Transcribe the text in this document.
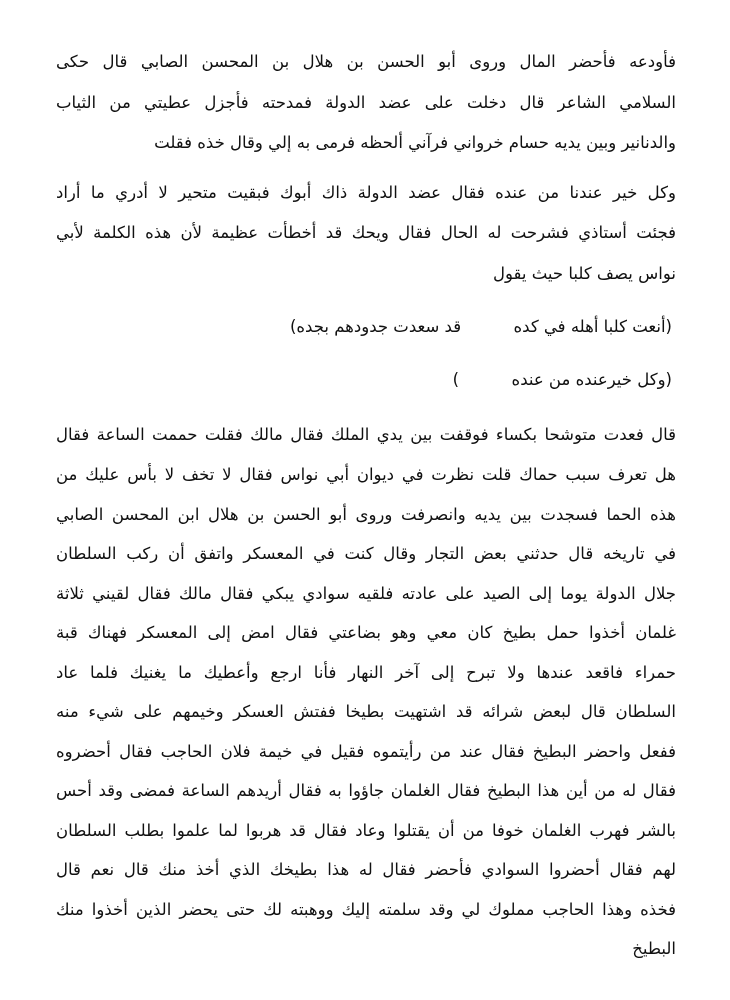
فأودعه فأحضر المال وروى أبو الحسن بن هلال بن المحسن الصابي قال حكى
السلامي الشاعر قال دخلت على عضد الدولة فمدحته فأجزل عطيتي من الثياب
والدنانير وبين يديه حسام خرواني فرآني ألحظه فرمى به إلي وقال خذه فقلت
وكل خير عندنا من عنده فقال عضد الدولة ذاك أبوك فبقيت متحير لا أدري ما أراد
فجئت أستاذي فشرحت له الحال فقال ويحك قد أخطأت عظيمة لأن هذه الكلمة لأبي
نواس يصف كلبا حيث يقول
(أنعت كلبا أهله في كده          قد سعدت جدودهم بجده)
(وكل خيرعنده من عنده          )
قال فعدت متوشحا بكساء فوقفت بين يدي الملك فقال مالك فقلت حممت الساعة فقال
هل تعرف سبب حماك قلت نظرت في ديوان أبي نواس فقال لا تخف لا بأس عليك من
هذه الحما فسجدت بين يديه وانصرفت وروى أبو الحسن بن هلال ابن المحسن الصابي
في تاريخه قال حدثني بعض التجار وقال كنت في المعسكر واتفق أن ركب السلطان
جلال الدولة يوما إلى الصيد على عادته فلقيه سوادي يبكي فقال مالك فقال لقيني ثلاثة
غلمان أخذوا حمل بطيخ كان معي وهو بضاعتي فقال امض إلى المعسكر فهناك قبة
حمراء فاقعد عندها ولا تبرح إلى آخر النهار فأنا ارجع وأعطيك ما يغنيك فلما عاد
السلطان قال لبعض شرائه قد اشتهيت بطيخا ففتش العسكر وخيمهم على شيء منه
ففعل واحضر البطيخ فقال عند من رأيتموه فقيل في خيمة فلان الحاجب فقال أحضروه
فقال له من أين هذا البطيخ فقال الغلمان جاؤوا به فقال أريدهم الساعة فمضى وقد أحس
بالشر فهرب الغلمان خوفا من أن يقتلوا وعاد فقال قد هربوا لما علموا بطلب السلطان
لهم فقال أحضروا السوادي فأحضر فقال له هذا بطيخك الذي أخذ منك قال نعم قال
فخذه وهذا الحاجب مملوك لي وقد سلمته إليك ووهبته لك حتى يحضر الذين أخذوا منك
البطيخ
